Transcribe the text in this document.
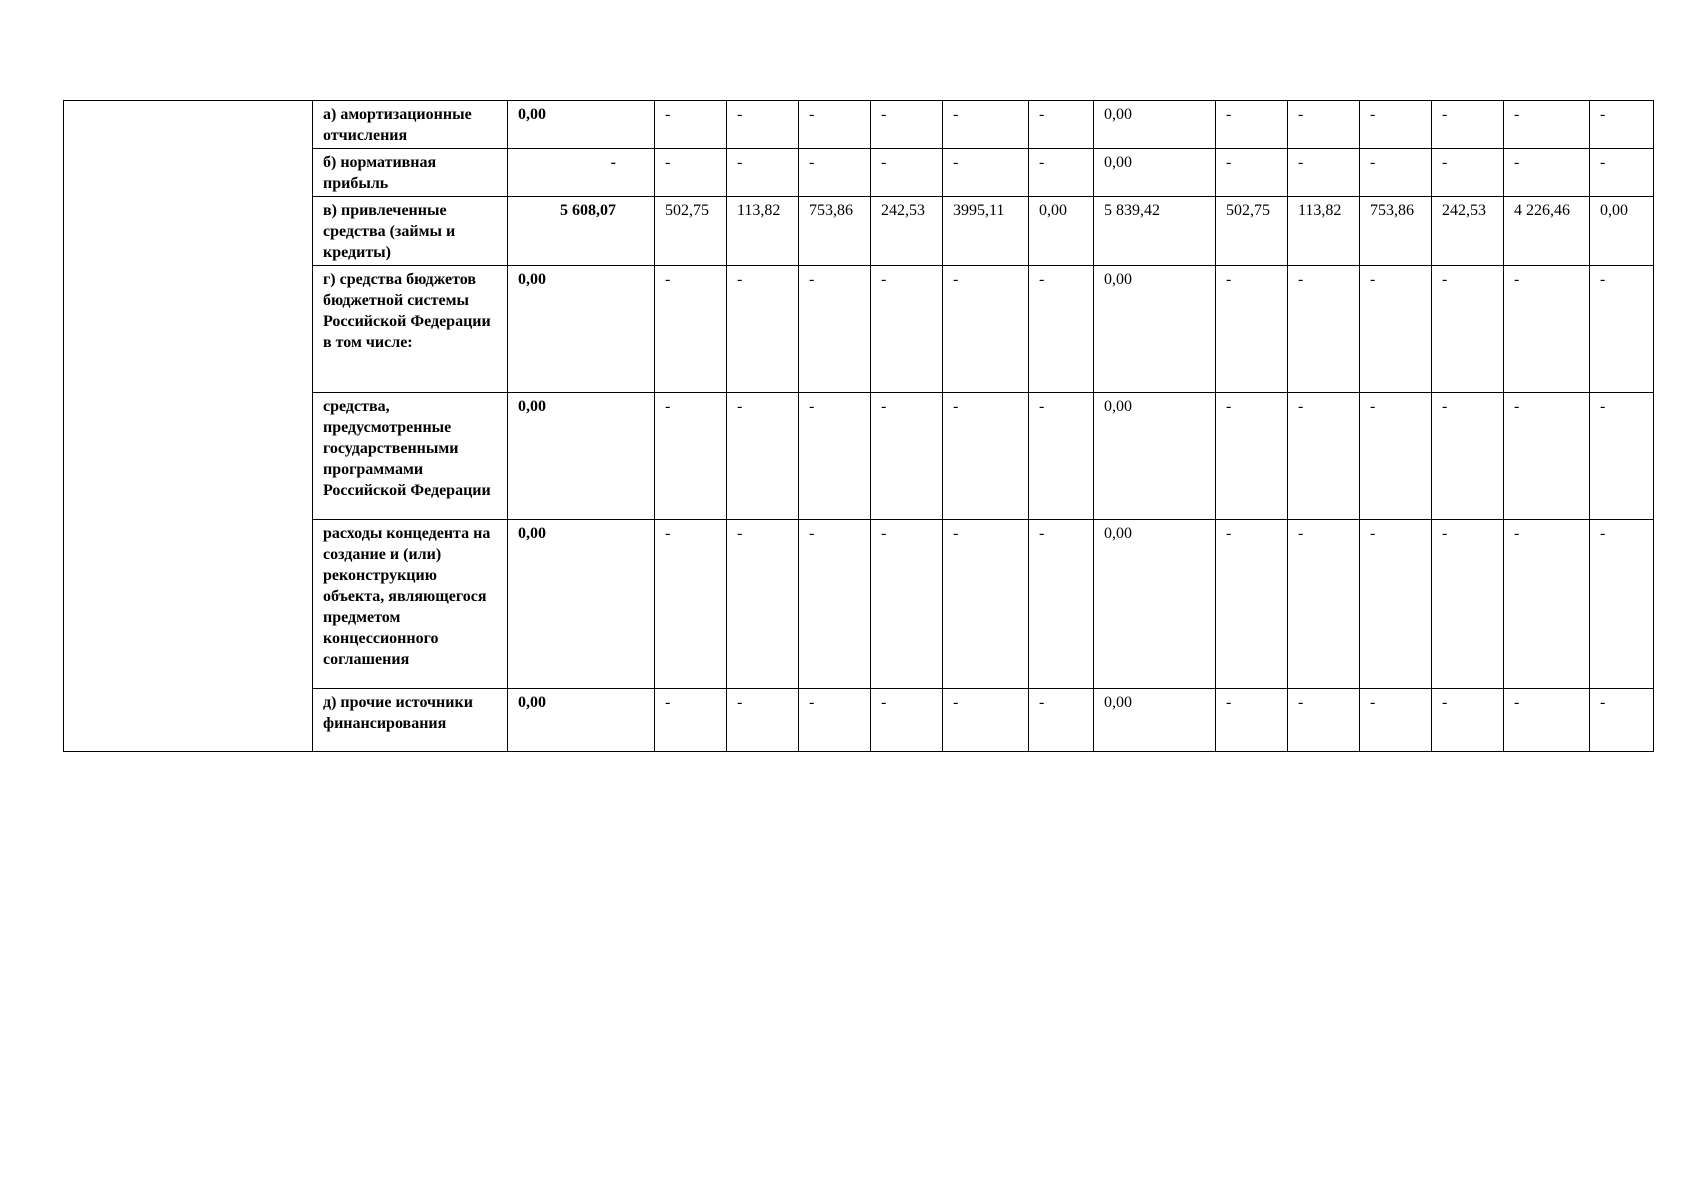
	а) амортизационные отчисления	0,00	-	-	-	-	-	-	0,00	-	-	-	-	-	-
	б) нормативная прибыль	-	-	-	-	-	-	-	0,00	-	-	-	-	-	-
	в) привлеченные средства (займы и кредиты)	5 608,07	502,75	113,82	753,86	242,53	3995,11	0,00	5 839,42	502,75	113,82	753,86	242,53	4 226,46	0,00
	г) средства бюджетов бюджетной системы Российской Федерации в том числе:	0,00	-	-	-	-	-	-	0,00	-	-	-	-	-	-
	средства, предусмотренные государственными программами Российской Федерации	0,00	-	-	-	-	-	-	0,00	-	-	-	-	-	-
	расходы концедента на создание и (или) реконструкцию объекта, являющегося предметом концессионного соглашения	0,00	-	-	-	-	-	-	0,00	-	-	-	-	-	-
	д) прочие источники финансирования	0,00	-	-	-	-	-	-	0,00	-	-	-	-	-	-
